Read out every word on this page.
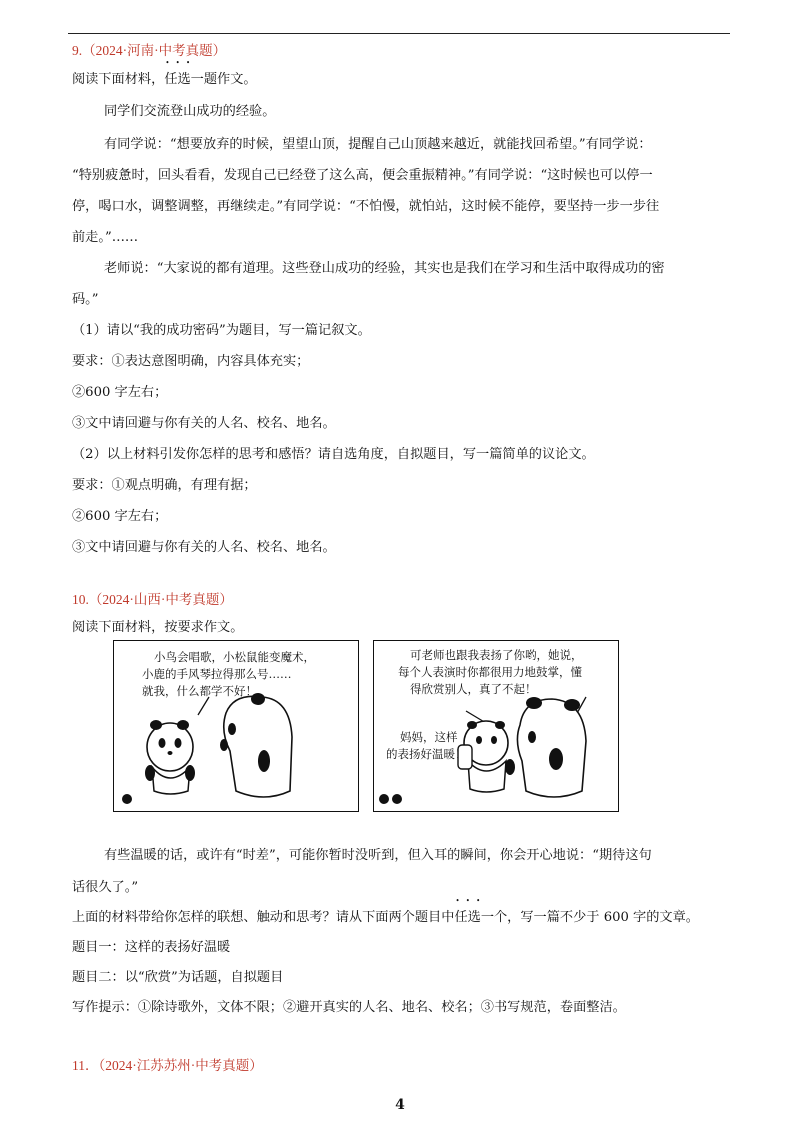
9.（2024·河南·中考真题）
阅读下面材料，• • • 任选一题作文。
同学们交流登山成功的经验。
有同学说：“想要放弃的时候，望望山顶，提醒自己山顶越来越近，就能找回希望。”有同学说：
“特别疲惫时，回头看看，发现自己已经登了这么高，便会重振精神。”有同学说：“这时候也可以停一
停，喝口水，调整调整，再继续走。”有同学说：“不怕慢，就怕站，这时候不能停，要坚持一步一步往
前走。”……
老师说：“大家说的都有道理。这些登山成功的经验，其实也是我们在学习和生活中取得成功的密
码。”
（1）请以“我的成功密码”为题目，写一篇记叙文。
要求：①表达意图明确，内容具体充实；
②600 字左右；
③文中请回避与你有关的人名、校名、地名。
（2）以上材料引发你怎样的思考和感悟？请自选角度，自拟题目，写一篇简单的议论文。
要求：①观点明确，有理有据；
②600 字左右；
③文中请回避与你有关的人名、校名、地名。
10.（2024·山西·中考真题）
阅读下面材料，按要求作文。
小鸟会唱歌，小松鼠能变魔术，
小鹿的手风琴拉得那么号……
就我，什么都学不好！
可老师也跟我表扬了你哟，她说，
每个人表演时你都很用力地鼓掌，懂
得欣赏别人，真了不起！
妈妈，这样
的表扬好温暖！
有些温暖的话，或许有“时差”，可能你暂时没听到，但入耳的瞬间，你会开心地说：“期待这句
话很久了。”
上面的材料带给你怎样的联想、触动和思考？请从下面两个题目中• • • 任选一个，写一篇不少于 600 字的文章。
题目一：这样的表扬好温暖
题目二：以“欣赏”为话题，自拟题目
写作提示：①除诗歌外，文体不限；②避开真实的人名、地名、校名；③书写规范，卷面整洁。
11．（2024·江苏苏州·中考真题）
4
